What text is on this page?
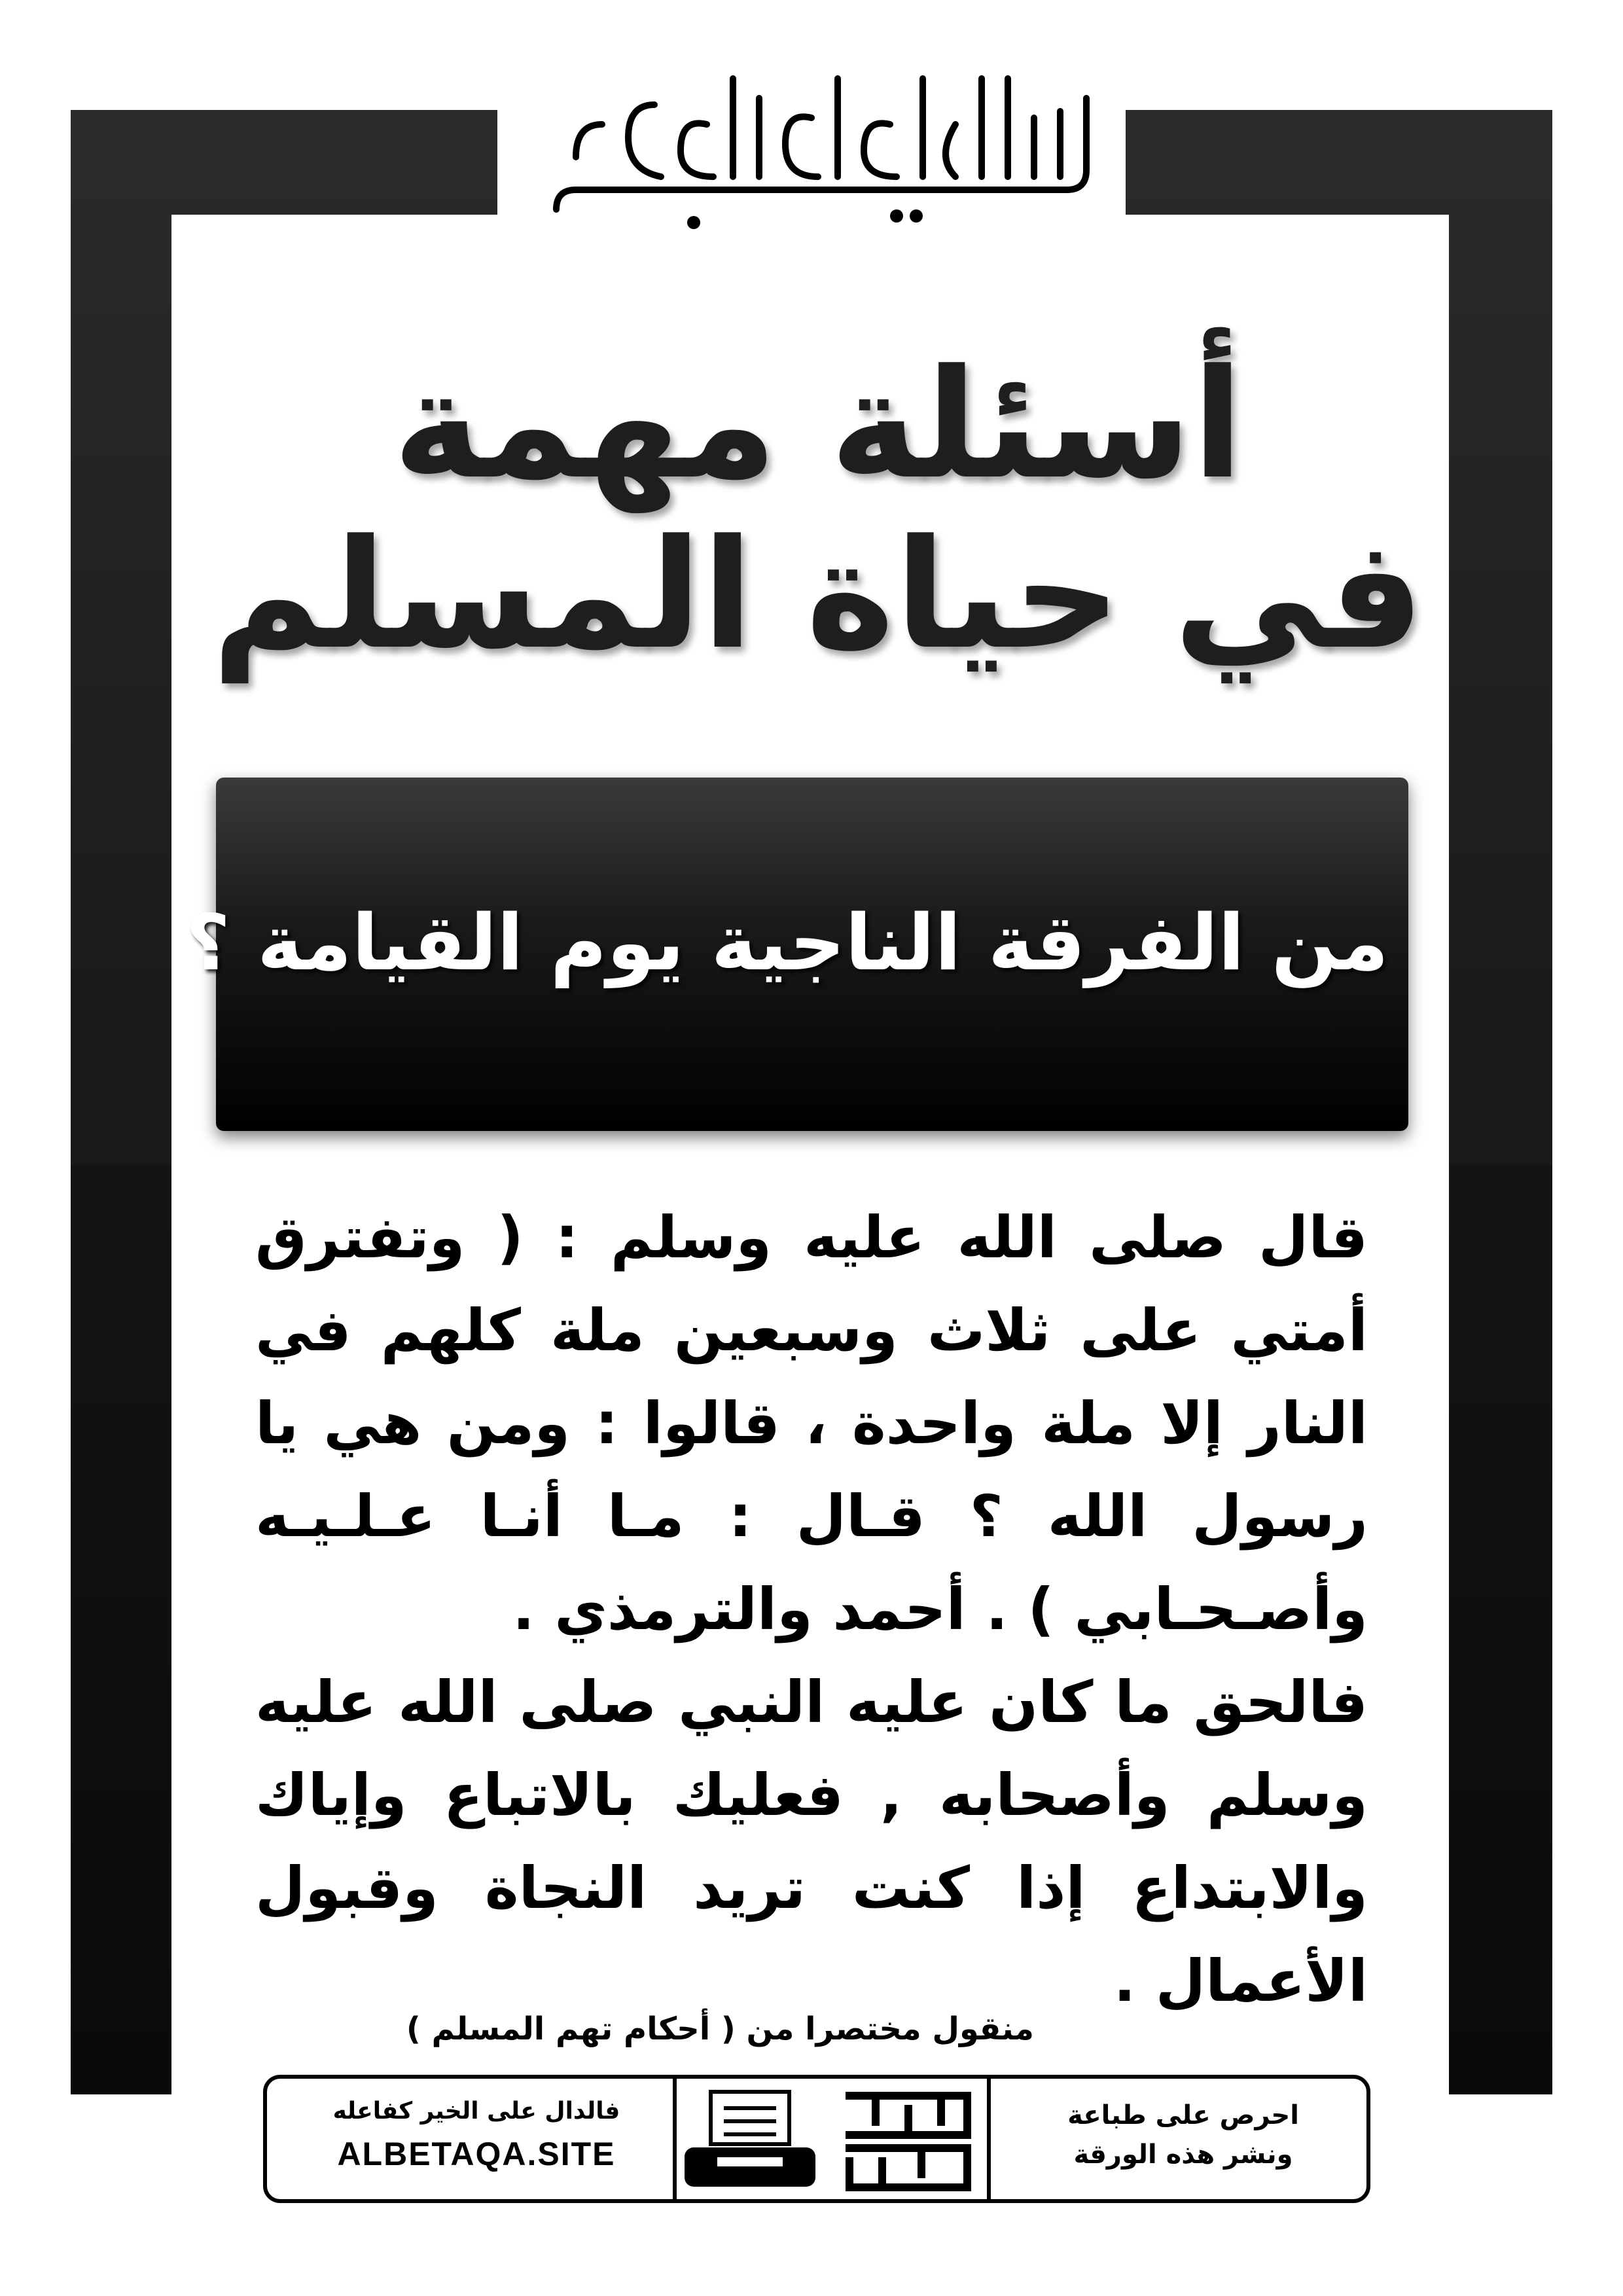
أسئلة مهمة
في حياة المسلم
من الفرقة الناجية يوم القيامة ؟

قال صلى الله عليه وسلم : ( وتفترق أمتي على ثلاث وسبعين ملة كلهم في النار إلا ملة واحدة ، قالوا : ومن هي يا رسول الله ؟ قـال : مـا أنـا عـلـيـه وأصـحـابي ) . أحمد والترمذي .

فالحق ما كان عليه النبي صلى الله عليه وسلم وأصحابه , فعليك بالاتباع وإياك والابتداع إذا كنت تريد النجاة وقبول الأعمال .

منقول مختصرا من ( أحكام تهم المسلم )
فالدال على الخير كفاعله
ALBETAQA.SITE
احرص على طباعة
ونشر هذه الورقة
